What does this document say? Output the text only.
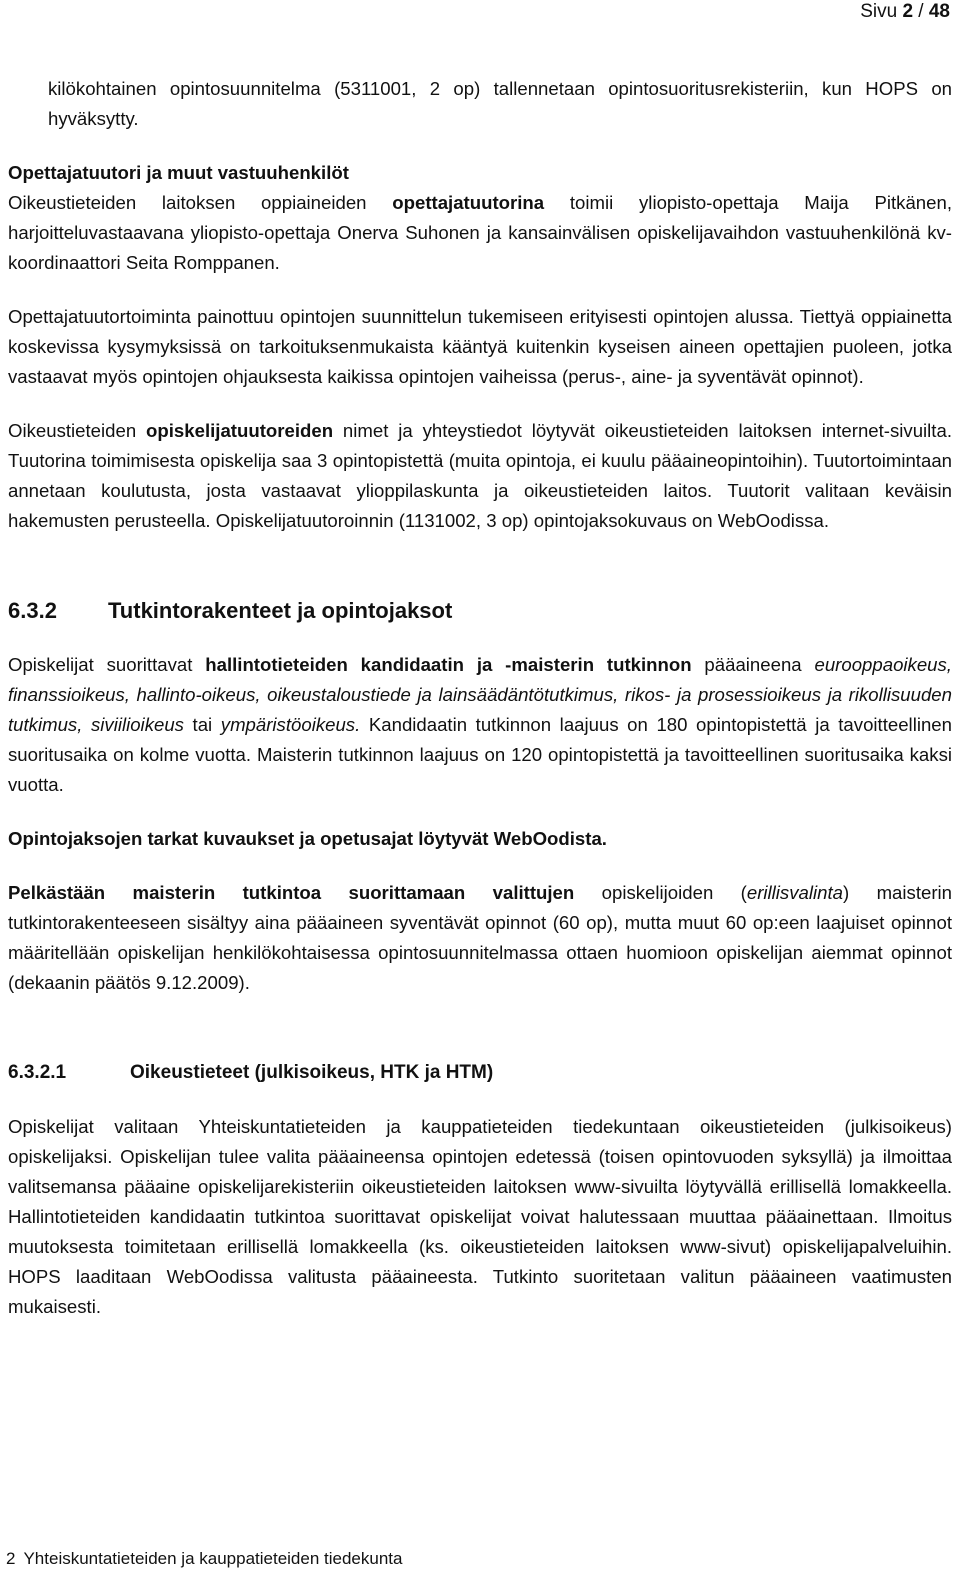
Sivu 2 / 48

kilökohtainen opintosuunnitelma (5311001, 2 op) tallennetaan opintosuoritusrekisteriin, kun HOPS on hyväksytty.

Opettajatuutori ja muut vastuuhenkilöt

Oikeustieteiden laitoksen oppiaineiden opettajatuutorina toimii yliopisto-opettaja Maija Pitkänen, harjoitteluvastaavana yliopisto-opettaja Onerva Suhonen ja kansainvälisen opiskelijavaihdon vastuuhenkilönä kv-koordinaattori Seita Romppanen.

Opettajatuutortoiminta painottuu opintojen suunnittelun tukemiseen erityisesti opintojen alussa. Tiettyä oppiainetta koskevissa kysymyksissä on tarkoituksenmukaista kääntyä kuitenkin kyseisen aineen opettajien puoleen, jotka vastaavat myös opintojen ohjauksesta kaikissa opintojen vaiheissa (perus-, aine- ja syventävät opinnot).

Oikeustieteiden opiskelijatuutoreiden nimet ja yhteystiedot löytyvät oikeustieteiden laitoksen internet-sivuilta. Tuutorina toimimisesta opiskelija saa 3 opintopistettä (muita opintoja, ei kuulu pääaineopintoihin). Tuutortoimintaan annetaan koulutusta, josta vastaavat ylioppilaskunta ja oikeustieteiden laitos. Tuutorit valitaan keväisin hakemusten perusteella. Opiskelijatuutoroinnin (1131002, 3 op) opintojaksokuvaus on WebOodissa.

6.3.2	Tutkintorakenteet ja opintojaksot

Opiskelijat suorittavat hallintotieteiden kandidaatin ja -maisterin tutkinnon pääaineena eurooppaoikeus, finanssioikeus, hallinto-oikeus, oikeustaloustiede ja lainsäädäntötutkimus, rikos- ja prosessioikeus ja rikollisuuden tutkimus, siviilioikeus tai ympäristöoikeus. Kandidaatin tutkinnon laajuus on 180 opintopistettä ja tavoitteellinen suoritusaika on kolme vuotta. Maisterin tutkinnon laajuus on 120 opintopistettä ja tavoitteellinen suoritusaika kaksi vuotta.

Opintojaksojen tarkat kuvaukset ja opetusajat löytyvät WebOodista.

Pelkästään maisterin tutkintoa suorittamaan valittujen opiskelijoiden (erillisvalinta) maisterin tutkintorakenteeseen sisältyy aina pääaineen syventävät opinnot (60 op), mutta muut 60 op:een laajuiset opinnot määritellään opiskelijan henkilökohtaisessa opintosuunnitelmassa ottaen huomioon opiskelijan aiemmat opinnot (dekaanin päätös 9.12.2009).

6.3.2.1	Oikeustieteet (julkisoikeus, HTK ja HTM)

Opiskelijat valitaan Yhteiskuntatieteiden ja kauppatieteiden tiedekuntaan oikeustieteiden (julkisoikeus) opiskelijaksi. Opiskelijan tulee valita pääaineensa opintojen edetessä (toisen opintovuoden syksyllä) ja ilmoittaa valitsemansa pääaine opiskelijarekisteriin oikeustieteiden laitoksen www-sivuilta löytyvällä erillisellä lomakkeella. Hallintotieteiden kandidaatin tutkintoa suorittavat opiskelijat voivat halutessaan muuttaa pääainettaan. Ilmoitus muutoksesta toimitetaan erillisellä lomakkeella (ks. oikeustieteiden laitoksen www-sivut) opiskelijapalveluihin. HOPS laaditaan WebOodissa valitusta pääaineesta. Tutkinto suoritetaan valitun pääaineen vaatimusten mukaisesti.

2 Yhteiskuntatieteiden ja kauppatieteiden tiedekunta
